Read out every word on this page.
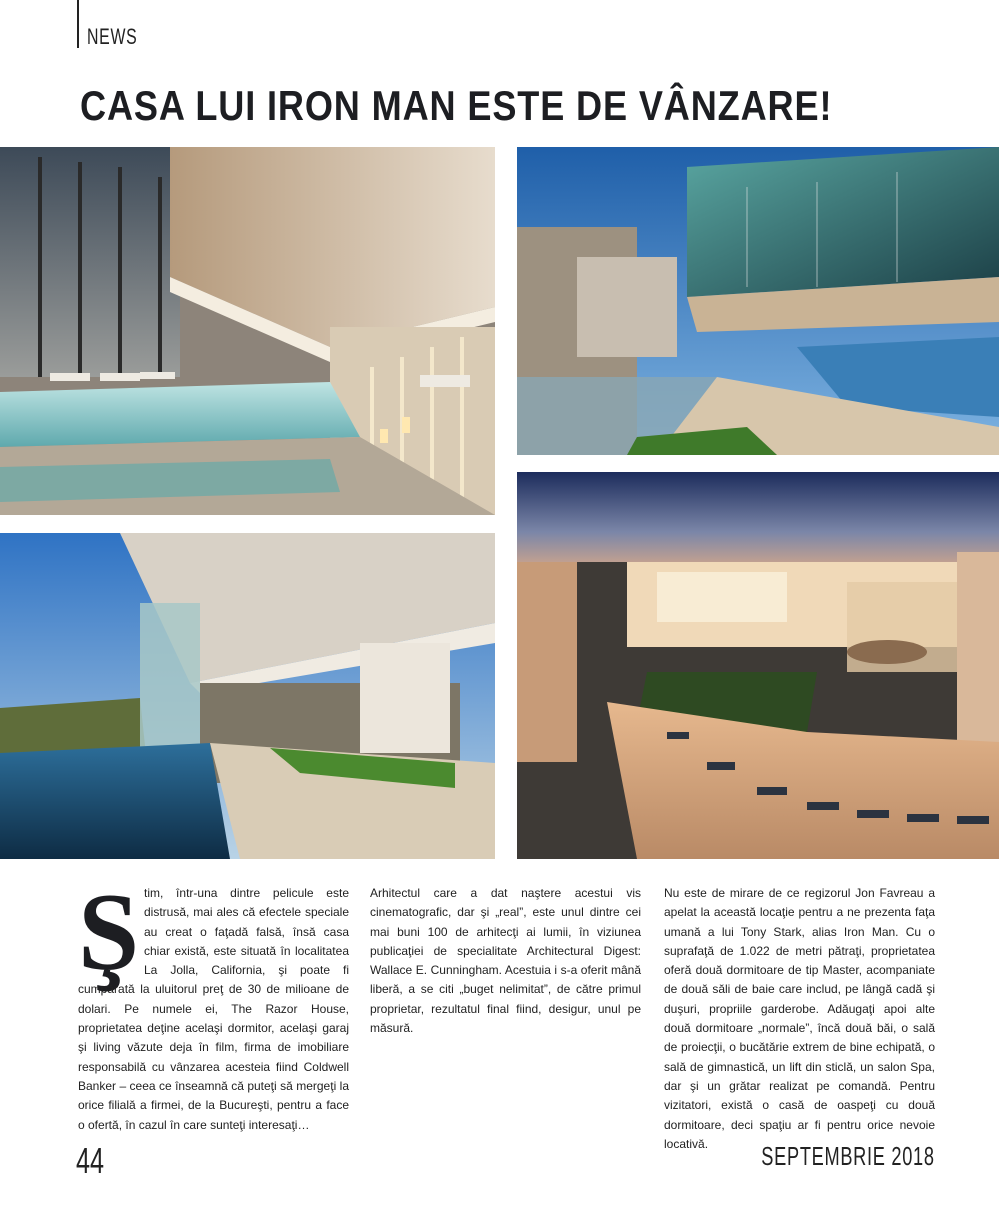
NEWS
CASA LUI IRON MAN ESTE DE VÂNZARE!
Ş tim, într-una dintre pelicule este distrusă, mai ales că efectele speciale au creat o faţadă falsă, însă casa chiar există, este situată în localitatea La Jolla, California, şi poate fi cumpărată la uluitorul preţ de 30 de milioane de dolari. Pe numele ei, The Razor House, proprietatea deţine acelaşi dormitor, acelaşi garaj şi living văzute deja în film, firma de imobiliare responsabilă cu vânzarea acesteia fiind Coldwell Banker – ceea ce înseamnă că puteţi să mergeţi la orice filială a firmei, de la Bucureşti, pentru a face o ofertă, în cazul în care sunteţi interesaţi…

Arhitectul care a dat naştere acestui vis cinematografic, dar şi „real”, este unul dintre cei mai buni 100 de arhitecţi ai lumii, în viziunea publicaţiei de specialitate Architectural Digest: Wallace E. Cunningham. Acestuia i s-a oferit mână liberă, a se citi „buget nelimitat”, de către primul proprietar, rezultatul final fiind, desigur, unul pe măsură.

Nu este de mirare de ce regizorul Jon Favreau a apelat la această locaţie pentru a ne prezenta faţa umană a lui Tony Stark, alias Iron Man. Cu o suprafaţă de 1.022 de metri pătraţi, proprietatea oferă două dormitoare de tip Master, acompaniate de două săli de baie care includ, pe lângă cadă şi duşuri, propriile garderobe. Adăugaţi apoi alte două dormitoare „normale”, încă două băi, o sală de proiecţii, o bucătărie extrem de bine echipată, o sală de gimnastică, un lift din sticlă, un salon Spa, dar şi un grătar realizat pe comandă. Pentru vizitatori, există o casă de oaspeţi cu două dormitoare, deci spaţiu ar fi pentru orice nevoie locativă.

44	SEPTEMBRIE 2018
